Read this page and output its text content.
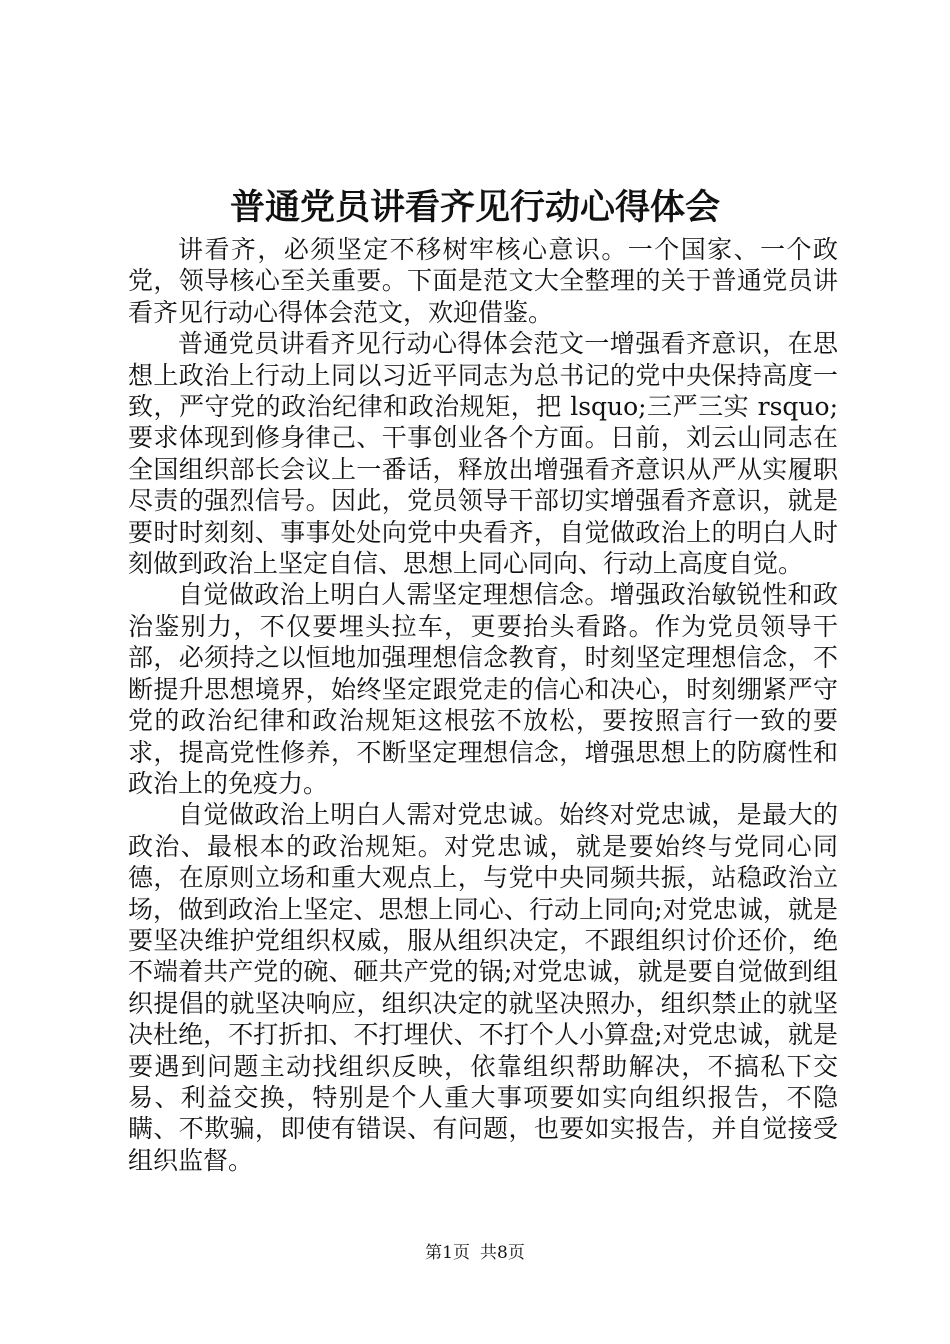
普通党员讲看齐见行动心得体会

讲看齐，必须坚定不移树牢核心意识。一个国家、一个政党，领导核心至关重要。下面是范文大全整理的关于普通党员讲看齐见行动心得体会范文，欢迎借鉴。

普通党员讲看齐见行动心得体会范文一增强看齐意识，在思想上政治上行动上同以习近平同志为总书记的党中央保持高度一致，严守党的政治纪律和政治规矩，把 lsquo;三严三实 rsquo;要求体现到修身律己、干事创业各个方面。日前，刘云山同志在全国组织部长会议上一番话，释放出增强看齐意识从严从实履职尽责的强烈信号。因此，党员领导干部切实增强看齐意识，就是要时时刻刻、事事处处向党中央看齐，自觉做政治上的明白人时刻做到政治上坚定自信、思想上同心同向、行动上高度自觉。

自觉做政治上明白人需坚定理想信念。增强政治敏锐性和政治鉴别力，不仅要埋头拉车，更要抬头看路。作为党员领导干部，必须持之以恒地加强理想信念教育，时刻坚定理想信念，不断提升思想境界，始终坚定跟党走的信心和决心，时刻绷紧严守党的政治纪律和政治规矩这根弦不放松，要按照言行一致的要求，提高党性修养，不断坚定理想信念，增强思想上的防腐性和政治上的免疫力。

自觉做政治上明白人需对党忠诚。始终对党忠诚，是最大的政治、最根本的政治规矩。对党忠诚，就是要始终与党同心同德，在原则立场和重大观点上，与党中央同频共振，站稳政治立场，做到政治上坚定、思想上同心、行动上同向;对党忠诚，就是要坚决维护党组织权威，服从组织决定，不跟组织讨价还价，绝不端着共产党的碗、砸共产党的锅;对党忠诚，就是要自觉做到组织提倡的就坚决响应，组织决定的就坚决照办，组织禁止的就坚决杜绝，不打折扣、不打埋伏、不打个人小算盘;对党忠诚，就是要遇到问题主动找组织反映，依靠组织帮助解决，不搞私下交易、利益交换，特别是个人重大事项要如实向组织报告，不隐瞒、不欺骗，即使有错误、有问题，也要如实报告，并自觉接受组织监督。

第1页 共8页
